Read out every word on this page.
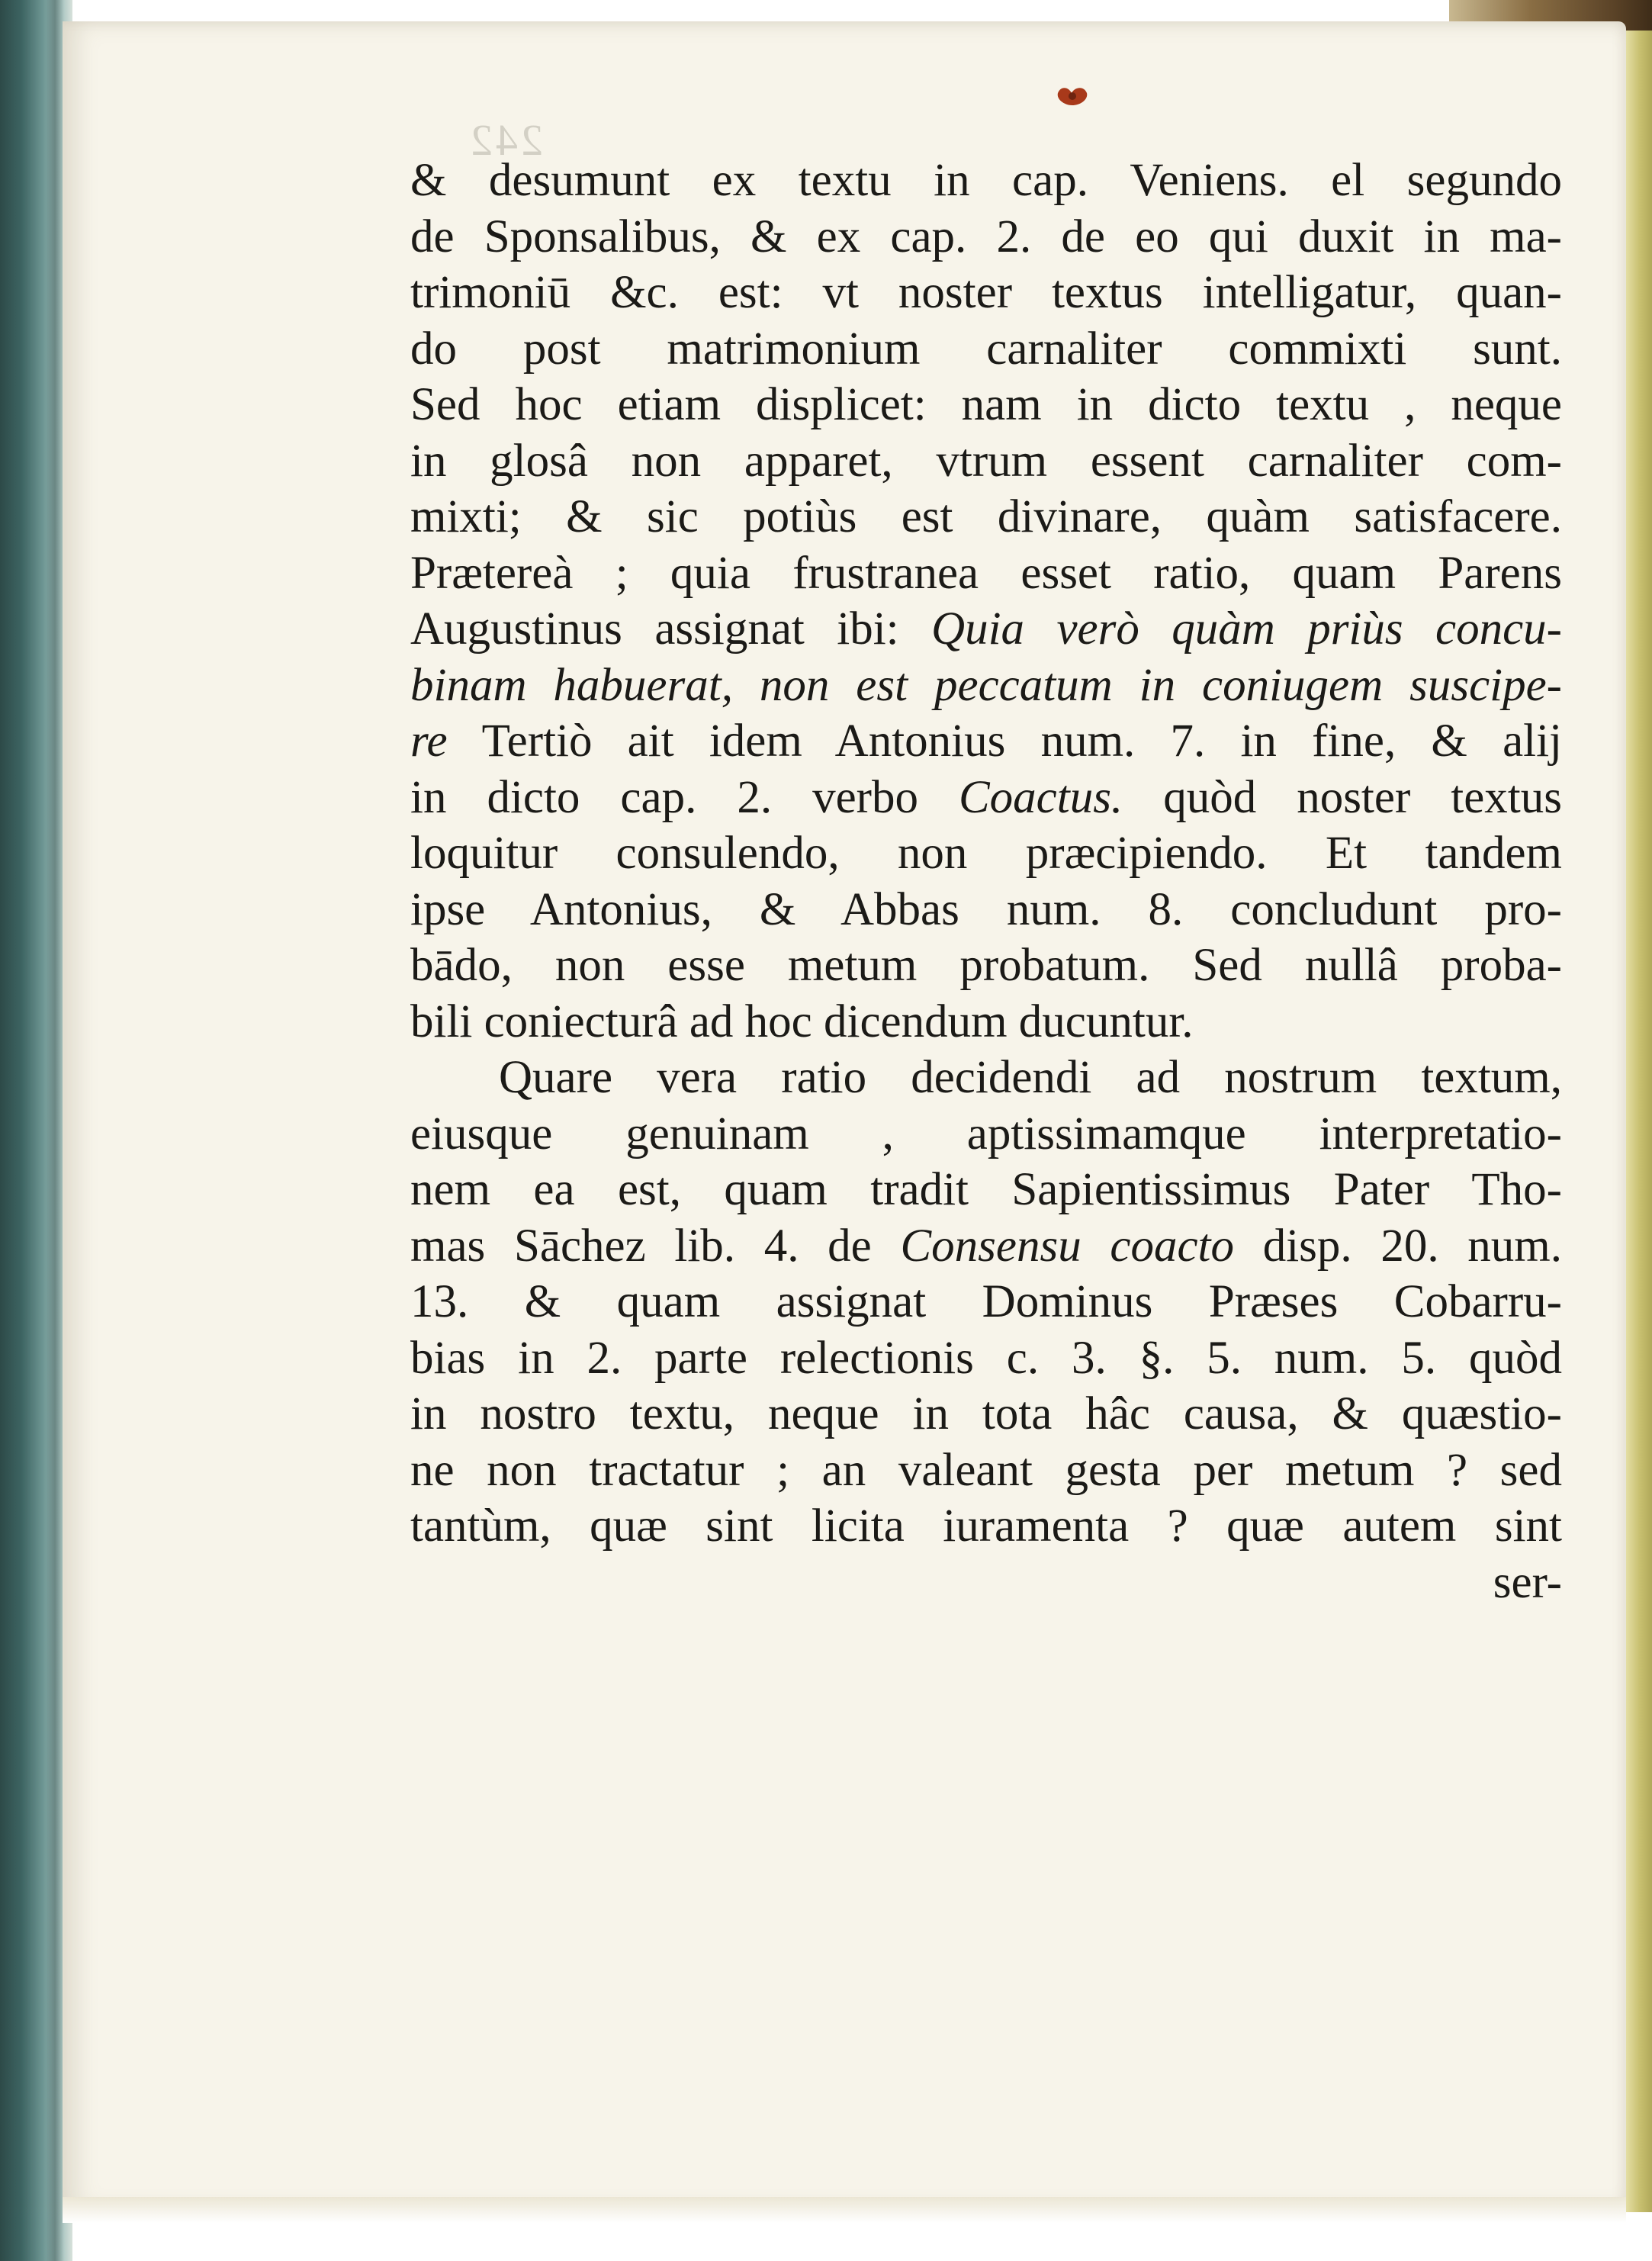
242
& desumunt ex textu in cap. Veniens. el segundo
de Sponsalibus, & ex cap. 2. de eo qui duxit in ma-
trimoniū &c. est: vt noster textus intelligatur, quan-
do post matrimonium carnaliter commixti sunt.
Sed hoc etiam displicet: nam in dicto textu , neque
in glosâ non apparet, vtrum essent carnaliter com-
mixti; & sic potiùs est divinare, quàm satisfacere.
Prætereà ; quia frustranea esset ratio, quam Parens
Augustinus assignat ibi: Quia verò quàm priùs concu-
binam habuerat, non est peccatum in coniugem suscipe-
re Tertiò ait idem Antonius num. 7. in fine, & alij
in dicto cap. 2. verbo Coactus. quòd noster textus
loquitur consulendo, non præcipiendo. Et tandem
ipse Antonius, & Abbas num. 8. concludunt pro-
bādo, non esse metum probatum. Sed nullâ proba-
bili coniecturâ ad hoc dicendum ducuntur.
Quare vera ratio decidendi ad nostrum textum,
eiusque genuinam , aptissimamque interpretatio-
nem ea est, quam tradit Sapientissimus Pater Tho-
mas Sāchez lib. 4. de Consensu coacto disp. 20. num.
13. & quam assignat Dominus Præses Cobarru-
bias in 2. parte relectionis c. 3. §. 5. num. 5. quòd
in nostro textu, neque in tota hâc causa, & quæstio-
ne non tractatur ; an valeant gesta per metum ? sed
tantùm, quæ sint licita iuramenta ? quæ autem sint
ser-
